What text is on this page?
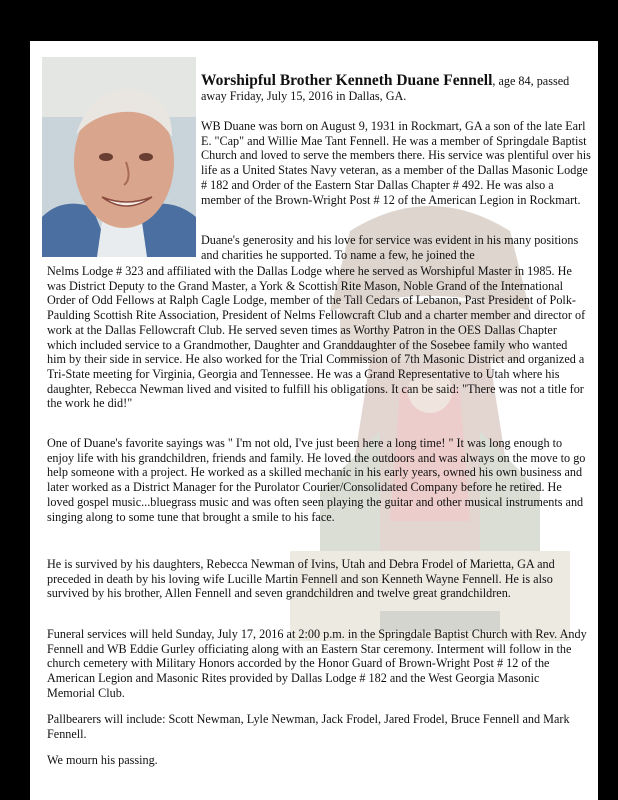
Worshipful Brother Kenneth Duane Fennell, age 84, passed away Friday, July 15, 2016 in Dallas, GA.
WB Duane was born on August 9, 1931 in Rockmart, GA a son of the late Earl E. "Cap" and Willie Mae Tant Fennell. He was a member of Springdale Baptist Church and loved to serve the members there. His service was plentiful over his life as a United States Navy veteran, as a member of the Dallas Masonic Lodge # 182 and Order of the Eastern Star Dallas Chapter # 492. He was also a member of the Brown-Wright Post # 12 of the American Legion in Rockmart.
Duane's generosity and his love for service was evident in his many positions and charities he supported. To name a few, he joined the
Nelms Lodge # 323 and affiliated with the Dallas Lodge where he served as Worshipful Master in 1985. He was District Deputy to the Grand Master, a York & Scottish Rite Mason, Noble Grand of the International Order of Odd Fellows at Ralph Cagle Lodge, member of the Tall Cedars of Lebanon, Past President of Polk-Paulding Scottish Rite Association, President of Nelms Fellowcraft Club and a charter member and director of work at the Dallas Fellowcraft Club. He served seven times as Worthy Patron in the OES Dallas Chapter which included service to a Grandmother, Daughter and Granddaughter of the Sosebee family who wanted him by their side in service. He also worked for the Trial Commission of 7th Masonic District and organized a Tri-State meeting for Virginia, Georgia and Tennessee. He was a Grand Representative to Utah where his daughter, Rebecca Newman lived and visited to fulfill his obligations. It can be said: "There was not a title for the work he did!"
One of Duane's favorite sayings was " I'm not old, I've just been here a long time! " It was long enough to enjoy life with his grandchildren, friends and family. He loved the outdoors and was always on the move to go help someone with a project. He worked as a skilled mechanic in his early years, owned his own business and later worked as a District Manager for the Purolator Courier/Consolidated Company before he retired. He loved gospel music...bluegrass music and was often seen playing the guitar and other musical instruments and singing along to some tune that brought a smile to his face.
He is survived by his daughters, Rebecca Newman of Ivins, Utah and Debra Frodel of Marietta, GA and preceded in death by his loving wife Lucille Martin Fennell and son Kenneth Wayne Fennell. He is also survived by his brother, Allen Fennell and seven grandchildren and twelve great grandchildren.
Funeral services will held Sunday, July 17, 2016 at 2:00 p.m. in the Springdale Baptist Church with Rev. Andy Fennell and WB Eddie Gurley officiating along with an Eastern Star ceremony. Interment will follow in the church cemetery with Military Honors accorded by the Honor Guard of Brown-Wright Post # 12 of the American Legion and Masonic Rites provided by Dallas Lodge # 182 and the West Georgia Masonic Memorial Club.
Pallbearers will include: Scott Newman, Lyle Newman, Jack Frodel, Jared Frodel, Bruce Fennell and Mark Fennell.
We mourn his passing.
